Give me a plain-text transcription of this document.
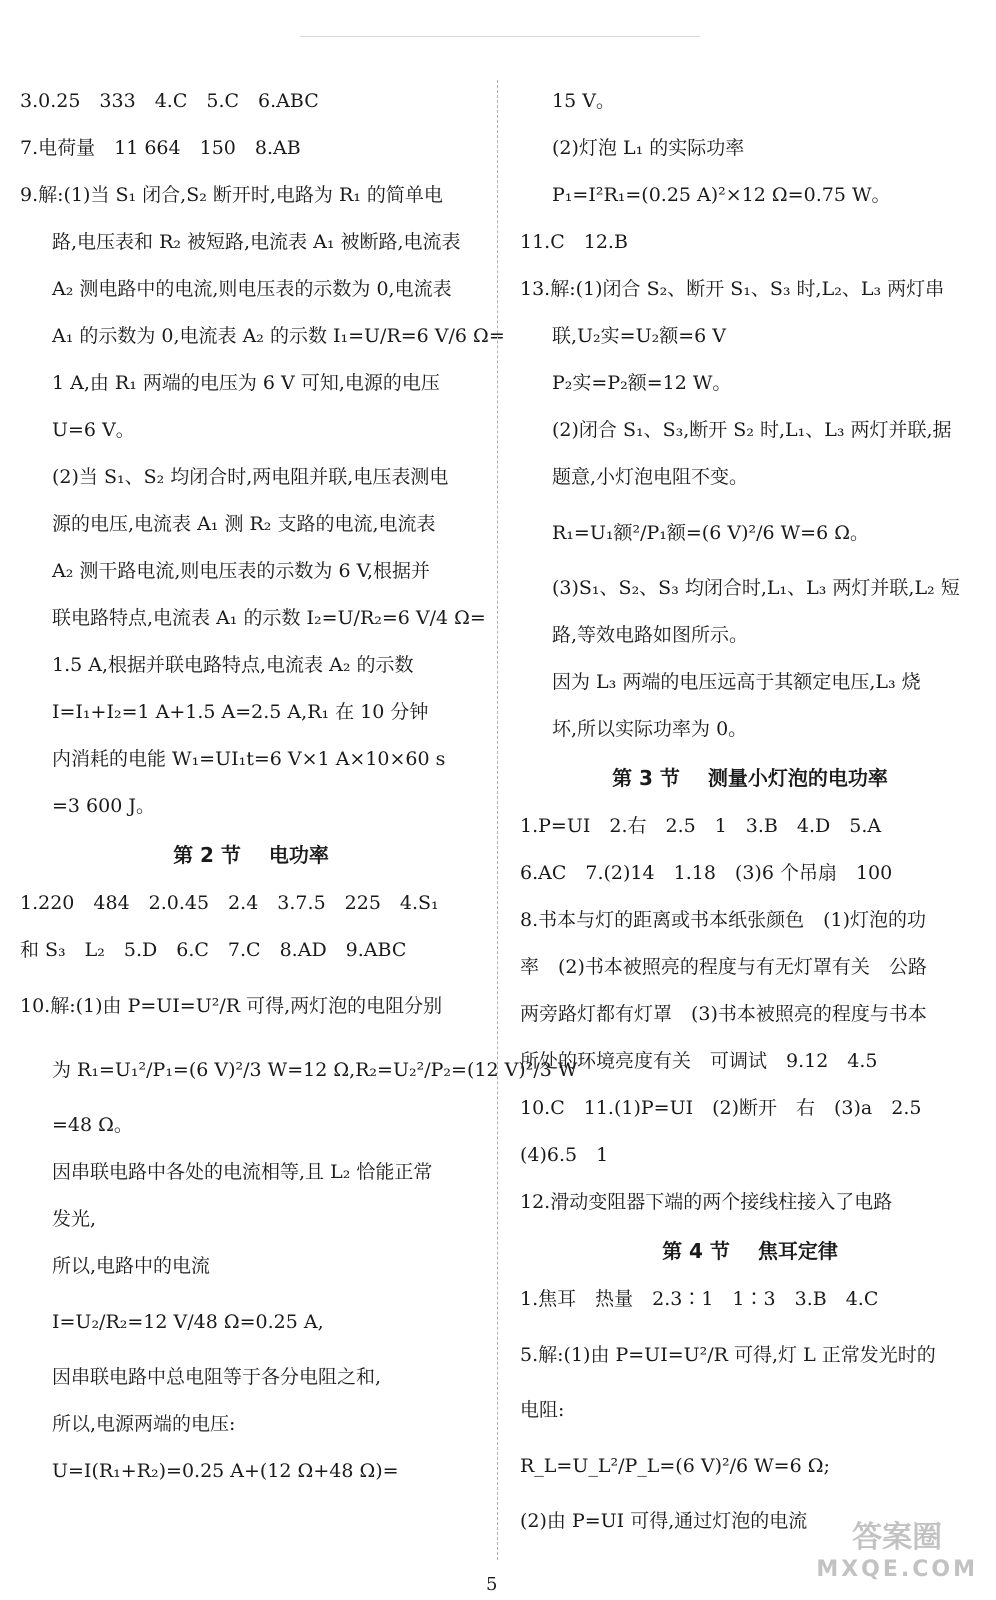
3.0.25　333　4.C　5.C　6.ABC
7.电荷量　11 664　150　8.AB
9.解:(1)当 S₁ 闭合,S₂ 断开时,电路为 R₁ 的简单电
路,电压表和 R₂ 被短路,电流表 A₁ 被断路,电流表
A₂ 测电路中的电流,则电压表的示数为 0,电流表
A₁ 的示数为 0,电流表 A₂ 的示数 I₁=U/R=6 V/6 Ω=
1 A,由 R₁ 两端的电压为 6 V 可知,电源的电压
U=6 V。
(2)当 S₁、S₂ 均闭合时,两电阻并联,电压表测电
源的电压,电流表 A₁ 测 R₂ 支路的电流,电流表
A₂ 测干路电流,则电压表的示数为 6 V,根据并
联电路特点,电流表 A₁ 的示数 I₂=U/R₂=6 V/4 Ω=
1.5 A,根据并联电路特点,电流表 A₂ 的示数
I=I₁+I₂=1 A+1.5 A=2.5 A,R₁ 在 10 分钟
内消耗的电能 W₁=UI₁t=6 V×1 A×10×60 s
=3 600 J。
第 2 节 电功率
1.220　484　2.0.45　2.4　3.7.5　225　4.S₁
和 S₃　L₂　5.D　6.C　7.C　8.AD　9.ABC
10.解:(1)由 P=UI=U²/R 可得,两灯泡的电阻分别
为 R₁=U₁²/P₁=(6 V)²/3 W=12 Ω,R₂=U₂²/P₂=(12 V)²/3 W
=48 Ω。
因串联电路中各处的电流相等,且 L₂ 恰能正常
发光,
所以,电路中的电流
I=U₂/R₂=12 V/48 Ω=0.25 A,
因串联电路中总电阻等于各分电阻之和,
所以,电源两端的电压:
U=I(R₁+R₂)=0.25 A+(12 Ω+48 Ω)=
15 V。
(2)灯泡 L₁ 的实际功率
P₁=I²R₁=(0.25 A)²×12 Ω=0.75 W。
11.C　12.B
13.解:(1)闭合 S₂、断开 S₁、S₃ 时,L₂、L₃ 两灯串
联,U₂实=U₂额=6 V
P₂实=P₂额=12 W。
(2)闭合 S₁、S₃,断开 S₂ 时,L₁、L₃ 两灯并联,据
题意,小灯泡电阻不变。
R₁=U₁额²/P₁额=(6 V)²/6 W=6 Ω。
(3)S₁、S₂、S₃ 均闭合时,L₁、L₃ 两灯并联,L₂ 短
路,等效电路如图所示。
因为 L₃ 两端的电压远高于其额定电压,L₃ 烧
坏,所以实际功率为 0。
第 3 节 测量小灯泡的电功率
1.P=UI　2.右　2.5　1　3.B　4.D　5.A
6.AC　7.(2)14　1.18　(3)6 个吊扇　100
8.书本与灯的距离或书本纸张颜色　(1)灯泡的功
率　(2)书本被照亮的程度与有无灯罩有关　公路
两旁路灯都有灯罩　(3)书本被照亮的程度与书本
所处的环境亮度有关　可调试　9.12　4.5
10.C　11.(1)P=UI　(2)断开　右　(3)a　2.5
(4)6.5　1
12.滑动变阻器下端的两个接线柱接入了电路
第 4 节 焦耳定律
1.焦耳　热量　2.3∶1　1∶3　3.B　4.C
5.解:(1)由 P=UI=U²/R 可得,灯 L 正常发光时的
电阻:
R_L=U_L²/P_L=(6 V)²/6 W=6 Ω;
(2)由 P=UI 可得,通过灯泡的电流
5
答案圈
MXQE.COM
